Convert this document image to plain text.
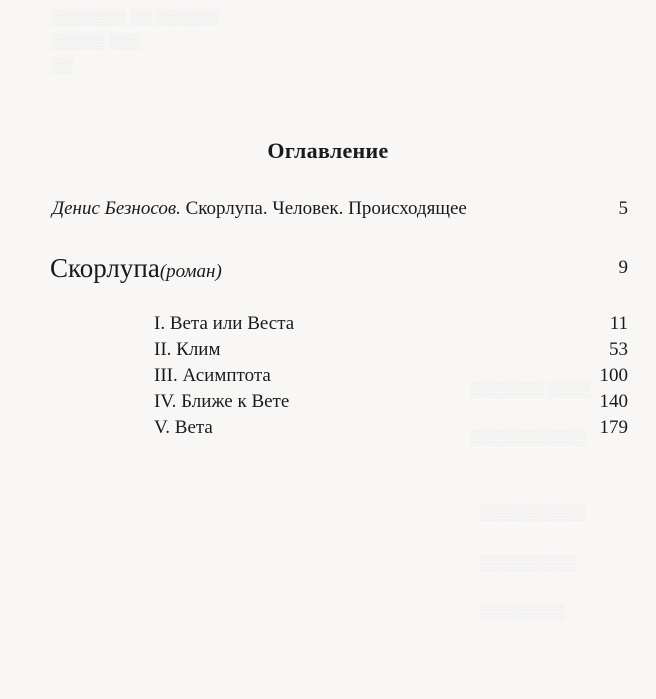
▒▒▒▒▒▒▒ ▒▒ ▒▒▒▒▒▒
▒▒▒▒▒ ▒▒▒
▒▒
▒▒▒▒▒▒▒ ▒▒▒▒
▒▒▒▒▒▒▒▒▒▒▒
▒▒▒▒▒▒▒▒▒▒
▒▒▒▒▒▒▒▒▒
▒▒▒▒▒▒▒▒
Оглавление
Денис Безносов. Скорлупа. Человек. Происходящее	5
Скорлупа(роман)	9
I. Вета или Веста	11
II. Клим	53
III. Асимптота	100
IV. Ближе к Вете	140
V. Вета	179
